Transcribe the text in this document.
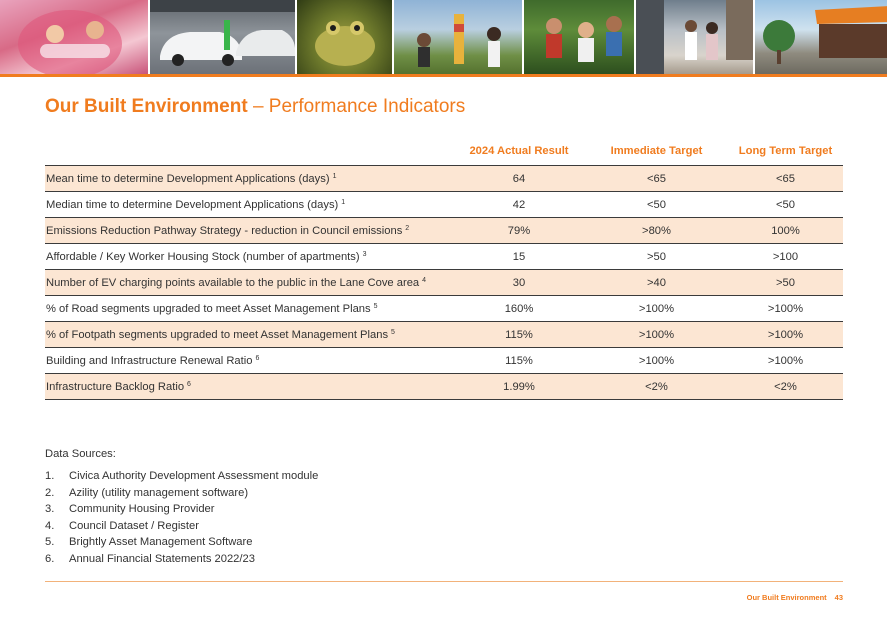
Our Built Environment – Performance Indicators
	2024 Actual Result	Immediate Target	Long Term Target
Mean time to determine Development Applications (days) $^1$	64	<65	<65
Median time to determine Development Applications (days) $^1$	42	<50	<50
Emissions Reduction Pathway Strategy - reduction in Council emissions $^2$	79%	>80%	100%
Affordable / Key Worker Housing Stock (number of apartments) $^3$	15	>50	>100
Number of EV charging points available to the public in the Lane Cove area $^4$	30	>40	>50
% of Road segments upgraded to meet Asset Management Plans $^5$	160%	>100%	>100%
% of Footpath segments upgraded to meet Asset Management Plans $^5$	115%	>100%	>100%
Building and Infrastructure Renewal Ratio $^6$	115%	>100%	>100%
Infrastructure Backlog Ratio $^6$	1.99%	<2%	<2%
Data Sources:
1. Civica Authority Development Assessment module
2. Azility (utility management software)
3. Community Housing Provider
4. Council Dataset / Register
5. Brightly Asset Management Software
6. Annual Financial Statements 2022/23
Our Built Environment 43
